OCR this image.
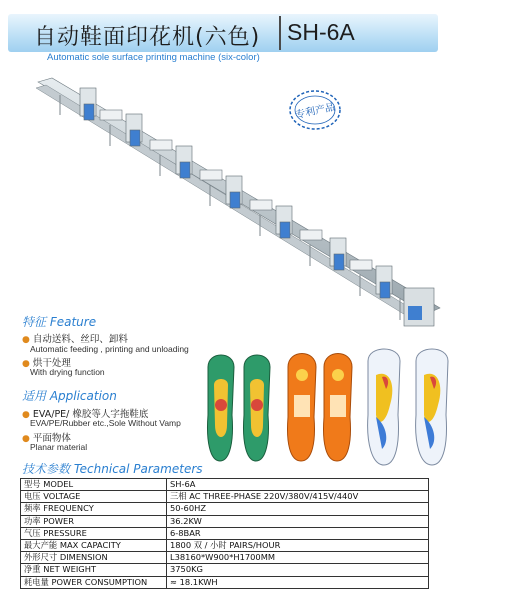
自动鞋面印花机(六色) SH-6A
Automatic sole surface printing machine (six-color)
专利产品
特征 Feature
● 自动送料、丝印、卸料
Automatic feeding , printing and unloading
● 烘干处理
With drying function
适用 Application
● EVA/PE/ 橡胶等人字拖鞋底
EVA/PE/Rubber etc.,Sole Without Vamp
● 平面物体
Planar material
技术参数 Technical Parameters
型号 MODEL	SH-6A
电压 VOLTAGE	三相 AC THREE-PHASE 220V/380V/415V/440V
频率 FREQUENCY	50-60HZ
功率 POWER	36.2KW
气压 PRESSURE	6-8BAR
最大产能 MAX CAPACITY	1800 双 / 小时 PAIRS/HOUR
外形尺寸 DIMENSION	L38160*W900*H1700MM
净重 NET WEIGHT	3750KG
耗电量 POWER CONSUMPTION	≈ 18.1KWH
